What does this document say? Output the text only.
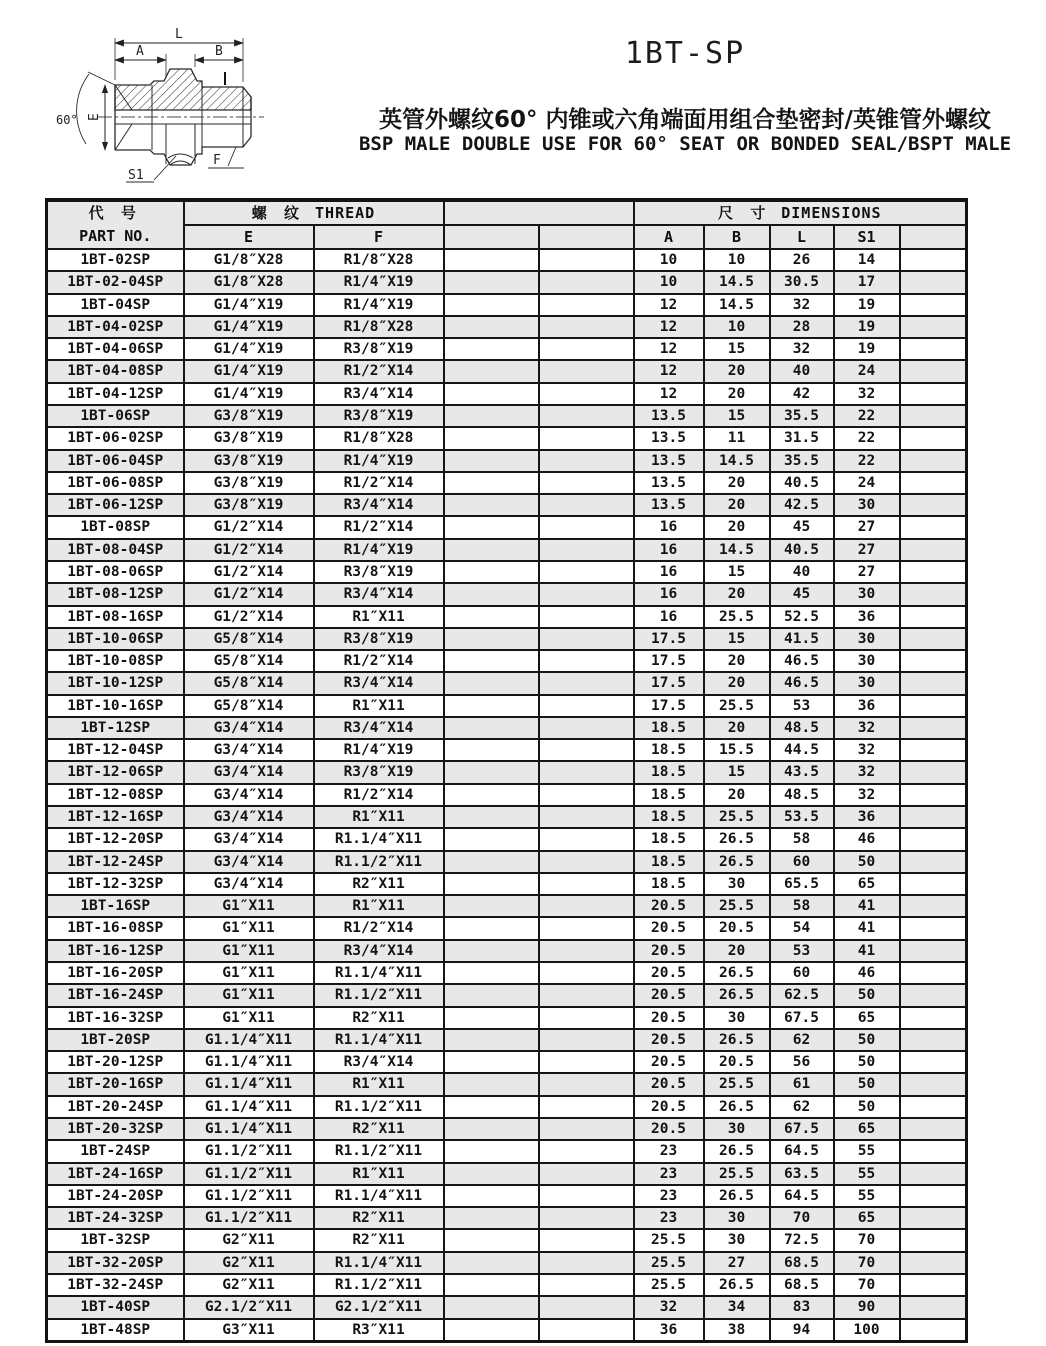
60°
L
A	B
E
F
S1
1BT-SP
英管外螺纹60° 内锥或六角端面用组合垫密封/英锥管外螺纹
BSP MALE DOUBLE USE FOR 60° SEAT OR BONDED SEAL/BSPT MALE
代 号
PART NO.	螺 纹 THREAD				尺 寸 DIMENSIONS				
	E	F			A	B	L	S1	
1BT-02SP	G1/8″X28	R1/8″X28			10	10	26	14	
1BT-02-04SP	G1/8″X28	R1/4″X19			10	14.5	30.5	17	
1BT-04SP	G1/4″X19	R1/4″X19			12	14.5	32	19	
1BT-04-02SP	G1/4″X19	R1/8″X28			12	10	28	19	
1BT-04-06SP	G1/4″X19	R3/8″X19			12	15	32	19	
1BT-04-08SP	G1/4″X19	R1/2″X14			12	20	40	24	
1BT-04-12SP	G1/4″X19	R3/4″X14			12	20	42	32	
1BT-06SP	G3/8″X19	R3/8″X19			13.5	15	35.5	22	
1BT-06-02SP	G3/8″X19	R1/8″X28			13.5	11	31.5	22	
1BT-06-04SP	G3/8″X19	R1/4″X19			13.5	14.5	35.5	22	
1BT-06-08SP	G3/8″X19	R1/2″X14			13.5	20	40.5	24	
1BT-06-12SP	G3/8″X19	R3/4″X14			13.5	20	42.5	30	
1BT-08SP	G1/2″X14	R1/2″X14			16	20	45	27	
1BT-08-04SP	G1/2″X14	R1/4″X19			16	14.5	40.5	27	
1BT-08-06SP	G1/2″X14	R3/8″X19			16	15	40	27	
1BT-08-12SP	G1/2″X14	R3/4″X14			16	20	45	30	
1BT-08-16SP	G1/2″X14	R1″X11			16	25.5	52.5	36	
1BT-10-06SP	G5/8″X14	R3/8″X19			17.5	15	41.5	30	
1BT-10-08SP	G5/8″X14	R1/2″X14			17.5	20	46.5	30	
1BT-10-12SP	G5/8″X14	R3/4″X14			17.5	20	46.5	30	
1BT-10-16SP	G5/8″X14	R1″X11			17.5	25.5	53	36	
1BT-12SP	G3/4″X14	R3/4″X14			18.5	20	48.5	32	
1BT-12-04SP	G3/4″X14	R1/4″X19			18.5	15.5	44.5	32	
1BT-12-06SP	G3/4″X14	R3/8″X19			18.5	15	43.5	32	
1BT-12-08SP	G3/4″X14	R1/2″X14			18.5	20	48.5	32	
1BT-12-16SP	G3/4″X14	R1″X11			18.5	25.5	53.5	36	
1BT-12-20SP	G3/4″X14	R1.1/4″X11			18.5	26.5	58	46	
1BT-12-24SP	G3/4″X14	R1.1/2″X11			18.5	26.5	60	50	
1BT-12-32SP	G3/4″X14	R2″X11			18.5	30	65.5	65	
1BT-16SP	G1″X11	R1″X11			20.5	25.5	58	41	
1BT-16-08SP	G1″X11	R1/2″X14			20.5	20.5	54	41	
1BT-16-12SP	G1″X11	R3/4″X14			20.5	20	53	41	
1BT-16-20SP	G1″X11	R1.1/4″X11			20.5	26.5	60	46	
1BT-16-24SP	G1″X11	R1.1/2″X11			20.5	26.5	62.5	50	
1BT-16-32SP	G1″X11	R2″X11			20.5	30	67.5	65	
1BT-20SP	G1.1/4″X11	R1.1/4″X11			20.5	26.5	62	50	
1BT-20-12SP	G1.1/4″X11	R3/4″X14			20.5	20.5	56	50	
1BT-20-16SP	G1.1/4″X11	R1″X11			20.5	25.5	61	50	
1BT-20-24SP	G1.1/4″X11	R1.1/2″X11			20.5	26.5	62	50	
1BT-20-32SP	G1.1/4″X11	R2″X11			20.5	30	67.5	65	
1BT-24SP	G1.1/2″X11	R1.1/2″X11			23	26.5	64.5	55	
1BT-24-16SP	G1.1/2″X11	R1″X11			23	25.5	63.5	55	
1BT-24-20SP	G1.1/2″X11	R1.1/4″X11			23	26.5	64.5	55	
1BT-24-32SP	G1.1/2″X11	R2″X11			23	30	70	65	
1BT-32SP	G2″X11	R2″X11			25.5	30	72.5	70	
1BT-32-20SP	G2″X11	R1.1/4″X11			25.5	27	68.5	70	
1BT-32-24SP	G2″X11	R1.1/2″X11			25.5	26.5	68.5	70	
1BT-40SP	G2.1/2″X11	G2.1/2″X11			32	34	83	90	
1BT-48SP	G3″X11	R3″X11			36	38	94	100	
